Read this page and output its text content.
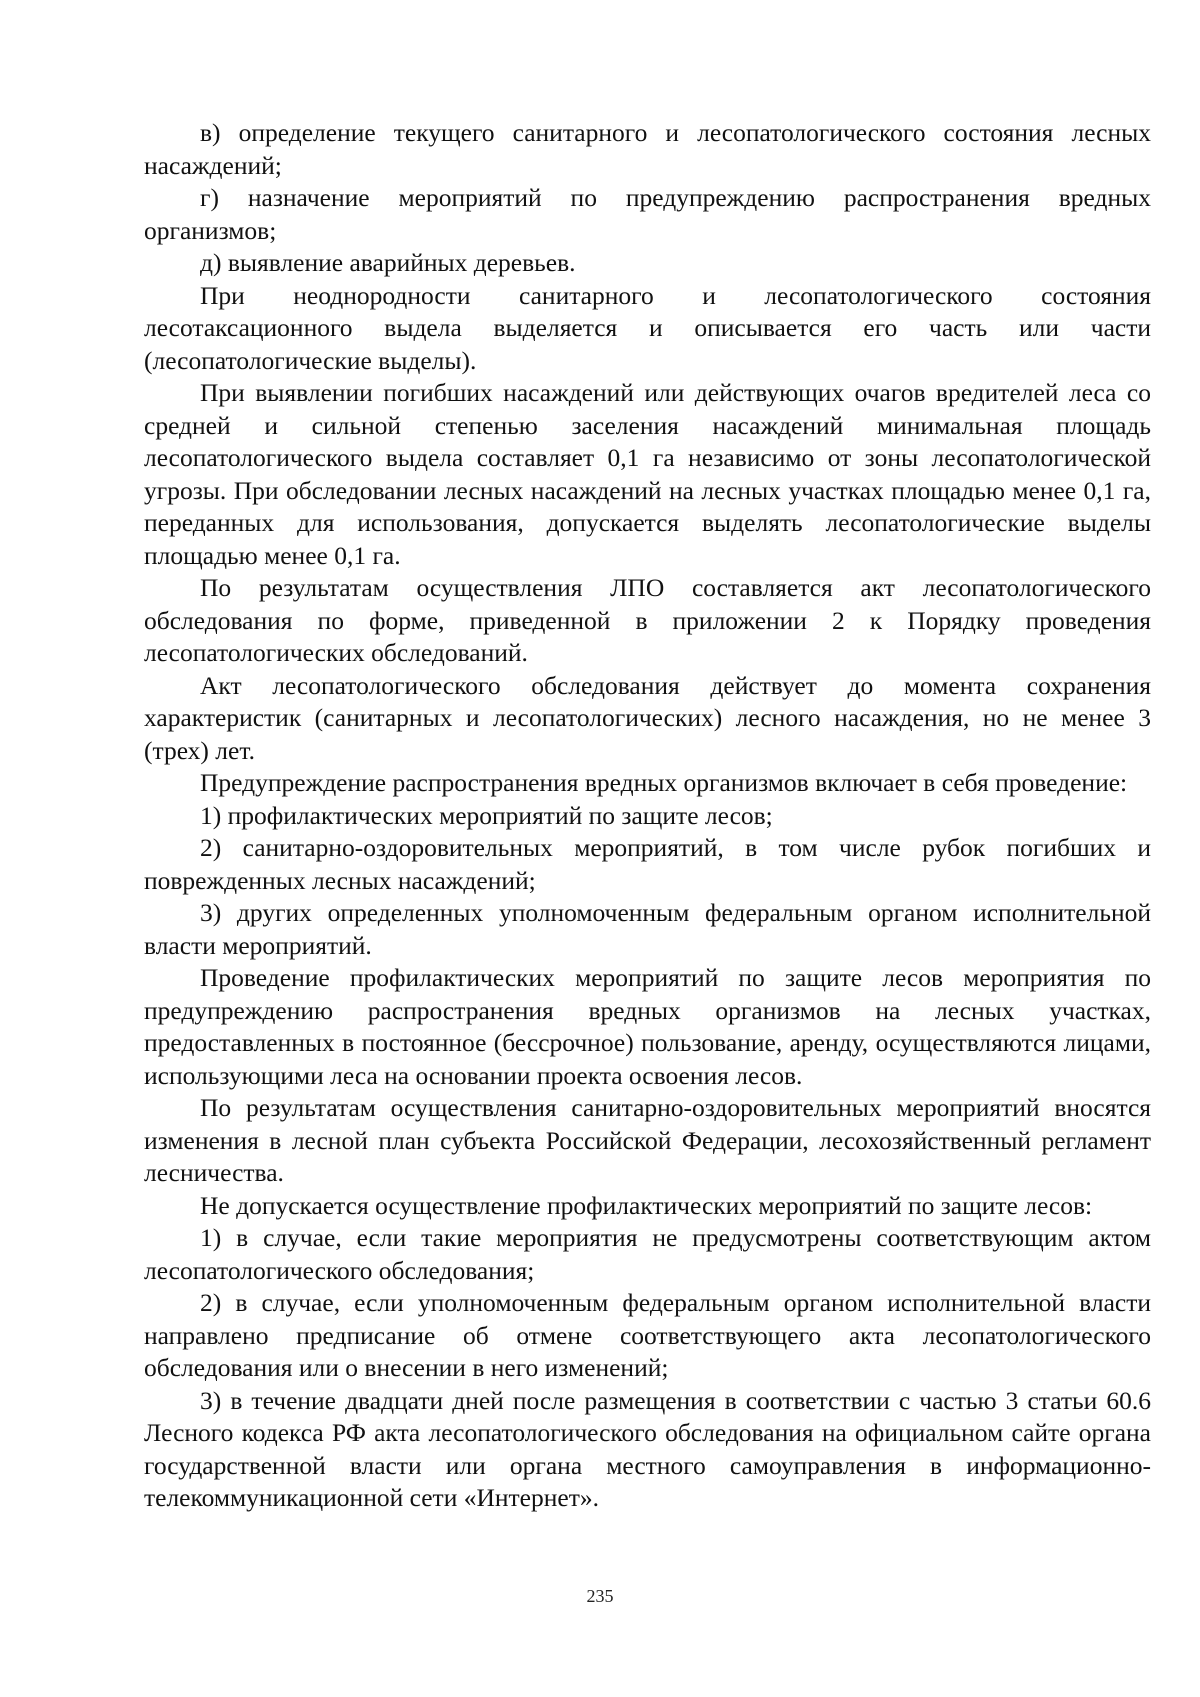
в) определение текущего санитарного и лесопатологического состояния лесных насаждений;

г) назначение мероприятий по предупреждению распространения вредных организмов;

д) выявление аварийных деревьев.

При неоднородности санитарного и лесопатологического состояния лесотаксационного выдела выделяется и описывается его часть или части (лесопатологические выделы).

При выявлении погибших насаждений или действующих очагов вредителей леса со средней и сильной степенью заселения насаждений минимальная площадь лесопатологического выдела составляет 0,1 га независимо от зоны лесопатологической угрозы. При обследовании лесных насаждений на лесных участках площадью менее 0,1 га, переданных для использования, допускается выделять лесопатологические выделы площадью менее 0,1 га.

По результатам осуществления ЛПО составляется акт лесопатологического обследования по форме, приведенной в приложении 2 к Порядку проведения лесопатологических обследований.

Акт лесопатологического обследования действует до момента сохранения характеристик (санитарных и лесопатологических) лесного насаждения, но не менее 3 (трех) лет.

Предупреждение распространения вредных организмов включает в себя проведение:

1) профилактических мероприятий по защите лесов;

2) санитарно-оздоровительных мероприятий, в том числе рубок погибших и поврежденных лесных насаждений;

3) других определенных уполномоченным федеральным органом исполнительной власти мероприятий.

Проведение профилактических мероприятий по защите лесов мероприятия по предупреждению распространения вредных организмов на лесных участках, предоставленных в постоянное (бессрочное) пользование, аренду, осуществляются лицами, использующими леса на основании проекта освоения лесов.

По результатам осуществления санитарно-оздоровительных мероприятий вносятся изменения в лесной план субъекта Российской Федерации, лесохозяйственный регламент лесничества.

Не допускается осуществление профилактических мероприятий по защите лесов:

1) в случае, если такие мероприятия не предусмотрены соответствующим актом лесопатологического обследования;

2) в случае, если уполномоченным федеральным органом исполнительной власти направлено предписание об отмене соответствующего акта лесопатологического обследования или о внесении в него изменений;

3) в течение двадцати дней после размещения в соответствии с частью 3 статьи 60.6 Лесного кодекса РФ акта лесопатологического обследования на официальном сайте органа государственной власти или органа местного самоуправления в информационно-телекоммуникационной сети «Интернет».

235
